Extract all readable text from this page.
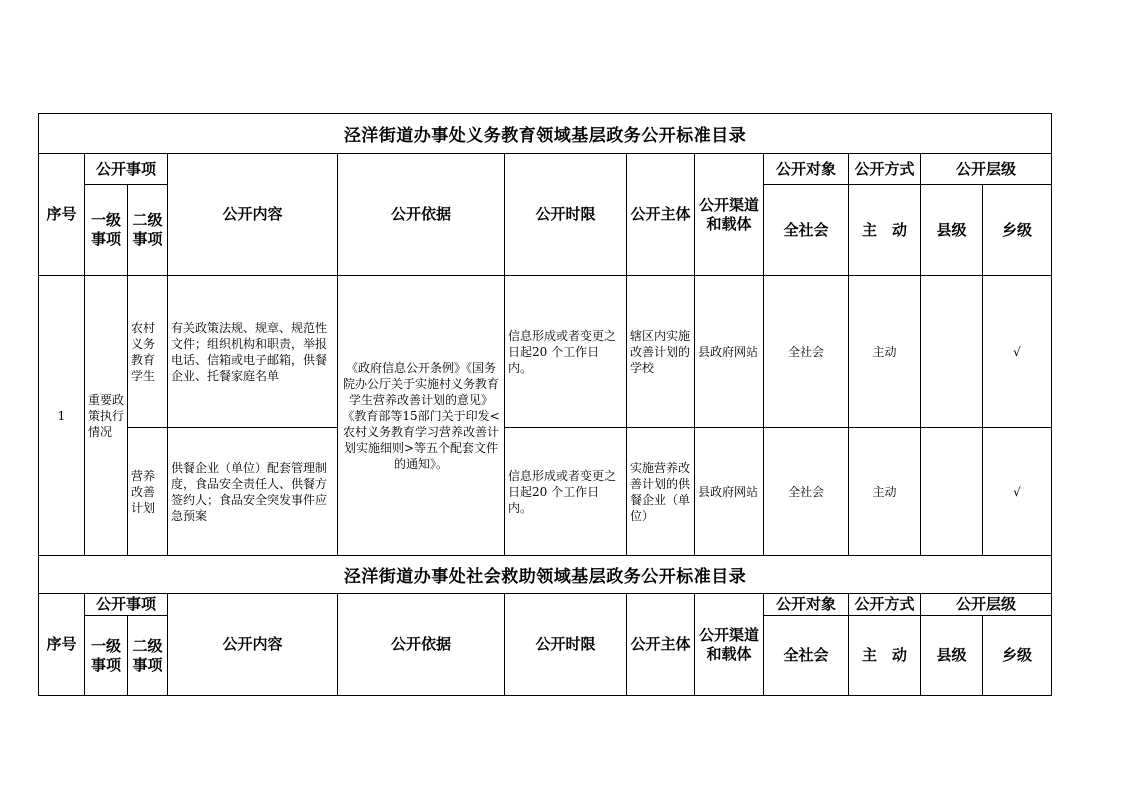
泾洋街道办事处义务教育领域基层政务公开标准目录											
序号	公开事项		公开内容	公开依据	公开时限	公开主体	公开渠道和载体	公开对象	公开方式	公开层级	
	一级事项	二级事项						全社会	主　动	县级	乡级
1	重要政策执行情况	农村义务教育学生	有关政策法规、规章、规范性文件；组织机构和职责，举报电话、信箱或电子邮箱，供餐企业、托餐家庭名单	《政府信息公开条例》《国务院办公厅关于实施村义务教育学生营养改善计划的意见》《教育部等15部门关于印发<农村义务教育学习营养改善计划实施细则>等五个配套文件的通知》。	信息形成或者变更之日起20 个工作日内。	辖区内实施改善计划的学校	县政府网站	全社会	主动		√
		营养改善计划	供餐企业（单位）配套管理制度，食品安全责任人、供餐方签约人；食品安全突发事件应急预案		信息形成或者变更之日起20 个工作日内。	实施营养改善计划的供餐企业（单位）	县政府网站	全社会	主动		√
泾洋街道办事处社会救助领域基层政务公开标准目录											
序号	公开事项		公开内容	公开依据	公开时限	公开主体	公开渠道和载体	公开对象	公开方式	公开层级	
	一级事项	二级事项						全社会	主　动	县级	乡级
